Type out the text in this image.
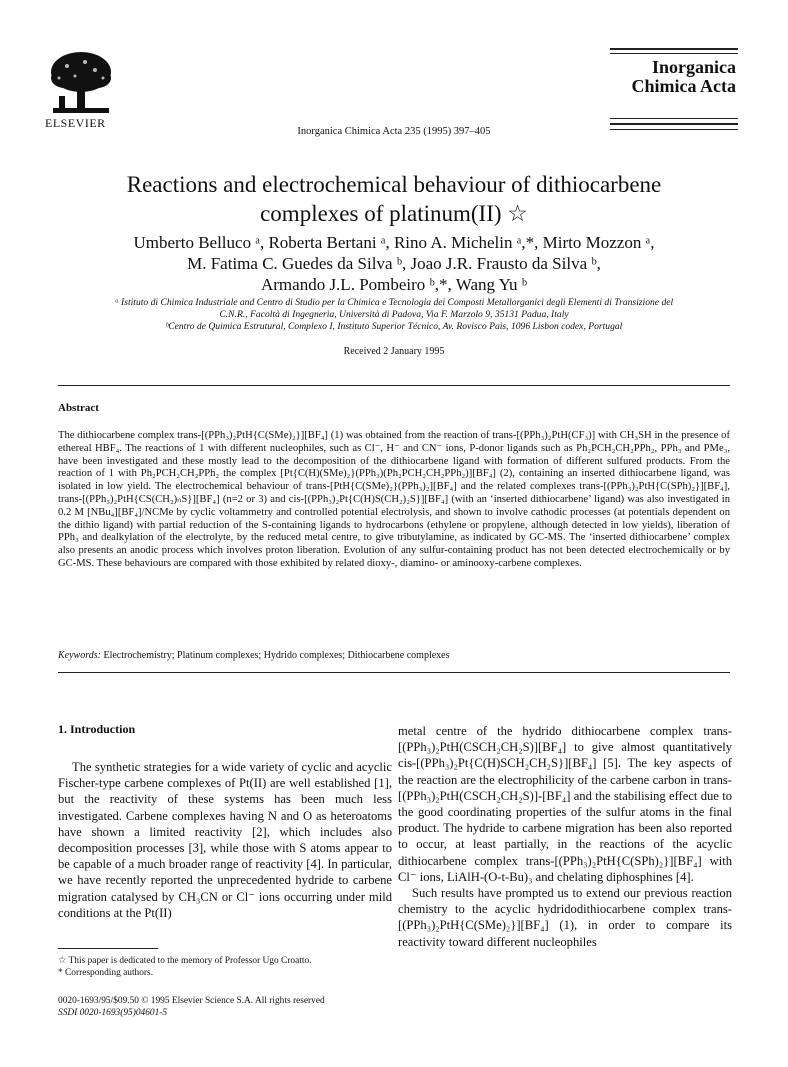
ELSEVIER
Inorganica Chimica Acta 235 (1995) 397–405
Inorganica
Chimica Acta
Reactions and electrochemical behaviour of dithiocarbene
complexes of platinum(II) ☆
Umberto Belluco ᵃ, Roberta Bertani ᵃ, Rino A. Michelin ᵃ,*, Mirto Mozzon ᵃ,
M. Fatima C. Guedes da Silva ᵇ, Joao J.R. Frausto da Silva ᵇ,
Armando J.L. Pombeiro ᵇ,*, Wang Yu ᵇ
ᵃ Istituto di Chimica Industriale and Centro di Studio per la Chimica e Tecnologia dei Composti Metallorganici degli Elementi di Transizione del
C.N.R., Facoltà di Ingegneria, Università di Padova, Via F. Marzolo 9, 35131 Padua, Italy
ᵇCentro de Quimica Estrutural, Complexo I, Instituto Superior Técnico, Av. Rovisco Pais, 1096 Lisbon codex, Portugal
Received 2 January 1995
Abstract
The dithiocarbene complex trans-[(PPh₃)₂PtH{C(SMe)₂}][BF₄] (1) was obtained from the reaction of trans-[(PPh₃)₂PtH(CF₃)] with CH₃SH in the presence of ethereal HBF₄. The reactions of 1 with different nucleophiles, such as Cl⁻, H⁻ and CN⁻ ions, P-donor ligands such as Ph₂PCH₂CH₂PPh₂, PPh₃ and PMe₃, have been investigated and these mostly lead to the decomposition of the dithiocarbene ligand with formation of different sulfured products. From the reaction of 1 with Ph₂PCH₂CH₂PPh₂ the complex [Pt{C(H)(SMe)₂}(PPh₃)(Ph₂PCH₂CH₂PPh₂)][BF₄] (2), containing an inserted dithiocarbene ligand, was isolated in low yield. The electrochemical behaviour of trans-[PtH{C(SMe)₂}(PPh₃)₂][BF₄] and the related complexes trans-[(PPh₃)₂PtH{C(SPh)₂}][BF₄], trans-[(PPh₃)₂PtH{CS(CH₂)ₙS}][BF₄] (n=2 or 3) and cis-[(PPh₃)₂Pt{C(H)S(CH₂)₂S}][BF₄] (with an ‘inserted dithiocarbene’ ligand) was also investigated in 0.2 M [NBu₄][BF₄]/NCMe by cyclic voltammetry and controlled potential electrolysis, and shown to involve cathodic processes (at potentials dependent on the dithio ligand) with partial reduction of the S-containing ligands to hydrocarbons (ethylene or propylene, although detected in low yields), liberation of PPh₃ and dealkylation of the electrolyte, by the reduced metal centre, to give tributylamine, as indicated by GC-MS. The ‘inserted dithiocarbene’ complex also presents an anodic process which involves proton liberation. Evolution of any sulfur-containing product has not been detected electrochemically or by GC-MS. These behaviours are compared with those exhibited by related dioxy-, diamino- or aminooxy-carbene complexes.
Keywords: Electrochemistry; Platinum complexes; Hydrido complexes; Dithiocarbene complexes
1. Introduction

The synthetic strategies for a wide variety of cyclic and acyclic Fischer-type carbene complexes of Pt(II) are well established [1], but the reactivity of these systems has been much less investigated. Carbene complexes having N and O as heteroatoms have shown a limited reactivity [2], which includes also decomposition processes [3], while those with S atoms appear to be capable of a much broader range of reactivity [4]. In particular, we have recently reported the unprecedented hydride to carbene migration catalysed by CH₃CN or Cl⁻ ions occurring under mild conditions at the Pt(II)

metal centre of the hydrido dithiocarbene complex trans-[(PPh₃)₂PtH(CSCH₂CH₂S)][BF₄] to give almost quantitatively cis-[(PPh₃)₂Pt{C(H)SCH₂CH₂S}][BF₄] [5]. The key aspects of the reaction are the electrophilicity of the carbene carbon in trans-[(PPh₃)₂PtH(CSCH₂CH₂S)]-[BF₄] and the stabilising effect due to the good coordinating properties of the sulfur atoms in the final product. The hydride to carbene migration has been also reported to occur, at least partially, in the reactions of the acyclic dithiocarbene complex trans-[(PPh₃)₂PtH{C(SPh)₂}][BF₄] with Cl⁻ ions, LiAlH-(O-t-Bu)₃ and chelating diphosphines [4].

Such results have prompted us to extend our previous reaction chemistry to the acyclic hydridodithiocarbene complex trans-[(PPh₃)₂PtH{C(SMe)₂}][BF₄] (1), in order to compare its reactivity toward different nucleophiles

☆ This paper is dedicated to the memory of Professor Ugo Croatto.
* Corresponding authors.
0020-1693/95/$09.50 © 1995 Elsevier Science S.A. All rights reserved
SSDI 0020-1693(95)04601-5
